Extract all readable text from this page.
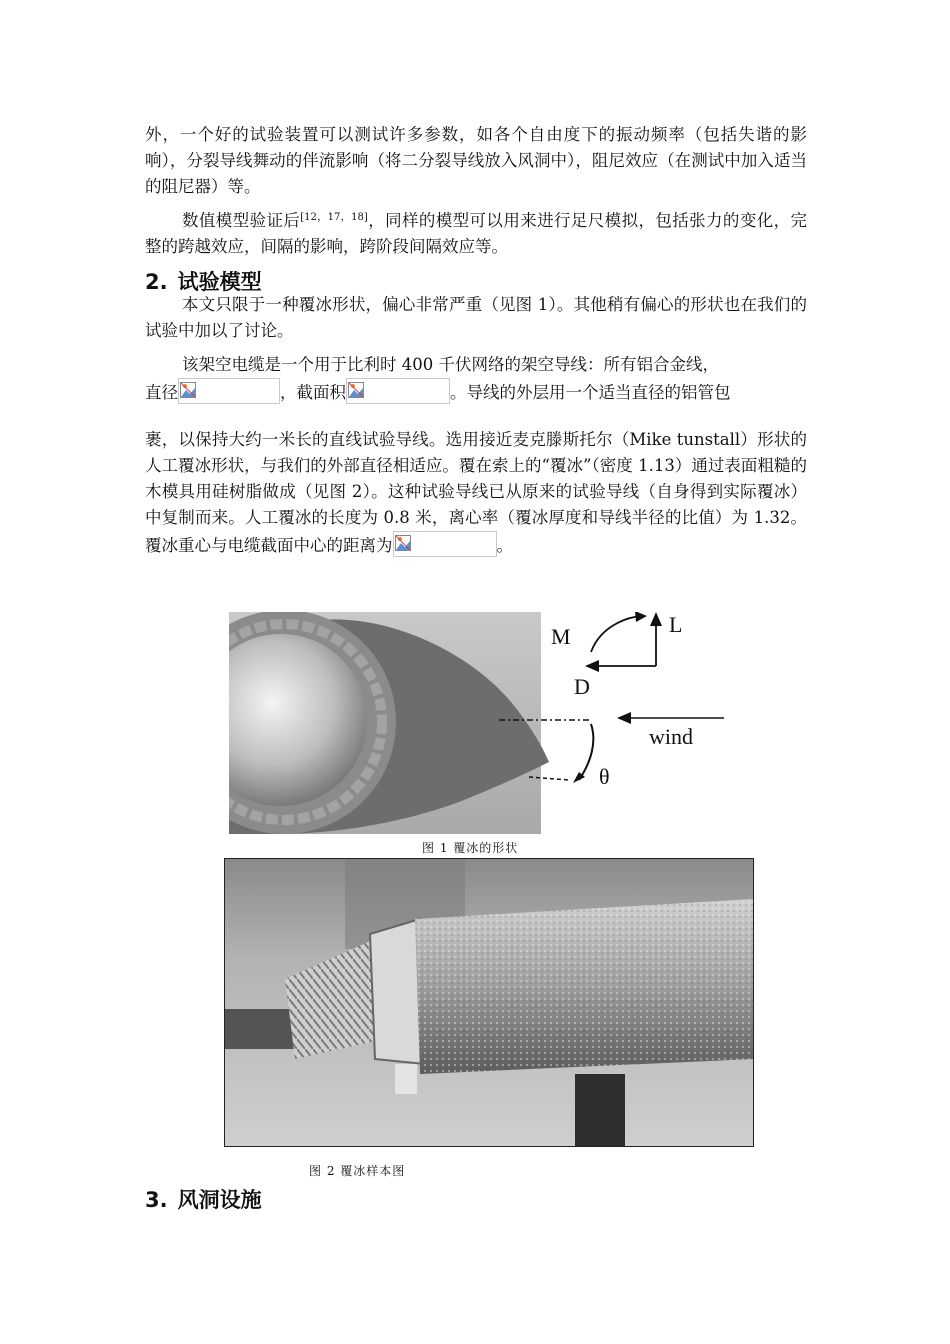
外，一个好的试验装置可以测试许多参数，如各个自由度下的振动频率（包括失谐的影响），分裂导线舞动的伴流影响（将二分裂导线放入风洞中），阻尼效应（在测试中加入适当的阻尼器）等。

数值模型验证后[12，17，18]，同样的模型可以用来进行足尺模拟，包括张力的变化，完整的跨越效应，间隔的影响，跨阶段间隔效应等。

2. 试验模型

本文只限于一种覆冰形状，偏心非常严重（见图 1）。其他稍有偏心的形状也在我们的试验中加以了讨论。

该架空电缆是一个用于比利时 400 千伏网络的架空导线：所有铝合金线，

直径	，截面积	。导线的外层用一个适当直径的铝管包

裹，以保持大约一米长的直线试验导线。选用接近麦克滕斯托尔（Mike tunstall）形状的人工覆冰形状，与我们的外部直径相适应。覆在索上的“覆冰”（密度 1.13）通过表面粗糙的木模具用硅树脂做成（见图 2）。这种试验导线已从原来的试验导线（自身得到实际覆冰）中复制而来。人工覆冰的长度为 0.8 米，离心率（覆冰厚度和导线半径的比值）为 1.32。覆冰重心与电缆截面中心的距离为	。

M	L
D
wind
θ
图 1 覆冰的形状
图 2 覆冰样本图
3. 风洞设施
